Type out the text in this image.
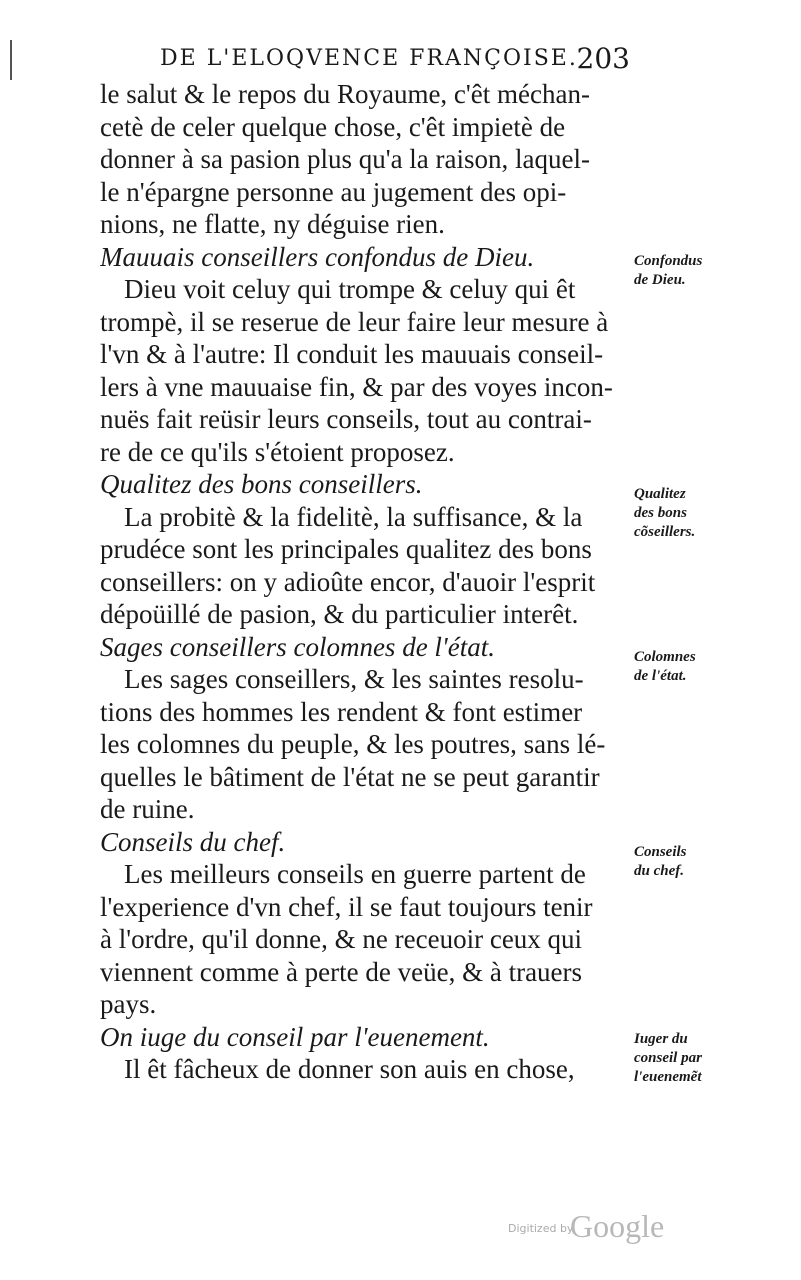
DE L'ELOQVENCE FRANÇOISE.
203
le salut & le repos du Royaume, c'êt méchan-
cetè de celer quelque chose, c'êt impietè de
donner à sa pasion plus qu'a la raison, laquel-
le n'épargne personne au jugement des opi-
nions, ne flatte, ny déguise rien.
Mauuais conseillers confondus de Dieu.
Dieu voit celuy qui trompe & celuy qui êt
trompè, il se reserue de leur faire leur mesure à
l'vn & à l'autre: Il conduit les mauuais conseil-
lers à vne mauuaise fin, & par des voyes incon-
nuës fait reüsir leurs conseils, tout au contrai-
re de ce qu'ils s'étoient proposez.
Qualitez des bons conseillers.
La probitè & la fidelitè, la suffisance, & la
prudéce sont les principales qualitez des bons
conseillers: on y adioûte encor, d'auoir l'esprit
dépoüillé de pasion, & du particulier interêt.
Sages conseillers colomnes de l'état.
Les sages conseillers, & les saintes resolu-
tions des hommes les rendent & font estimer
les colomnes du peuple, & les poutres, sans lé-
quelles le bâtiment de l'état ne se peut garantir
de ruine.
Conseils du chef.
Les meilleurs conseils en guerre partent de
l'experience d'vn chef, il se faut toujours tenir
à l'ordre, qu'il donne, & ne receuoir ceux qui
viennent comme à perte de veüe, & à trauers
pays.
On iuge du conseil par l'euenement.
Il êt fâcheux de donner son auis en chose,
Confondus
de Dieu.
Qualitez
des bons
cõseillers.
Colomnes
de l'état.
Conseils
du chef.
Iuger du
conseil par
l'euenemẽt
Digitized by
Google
